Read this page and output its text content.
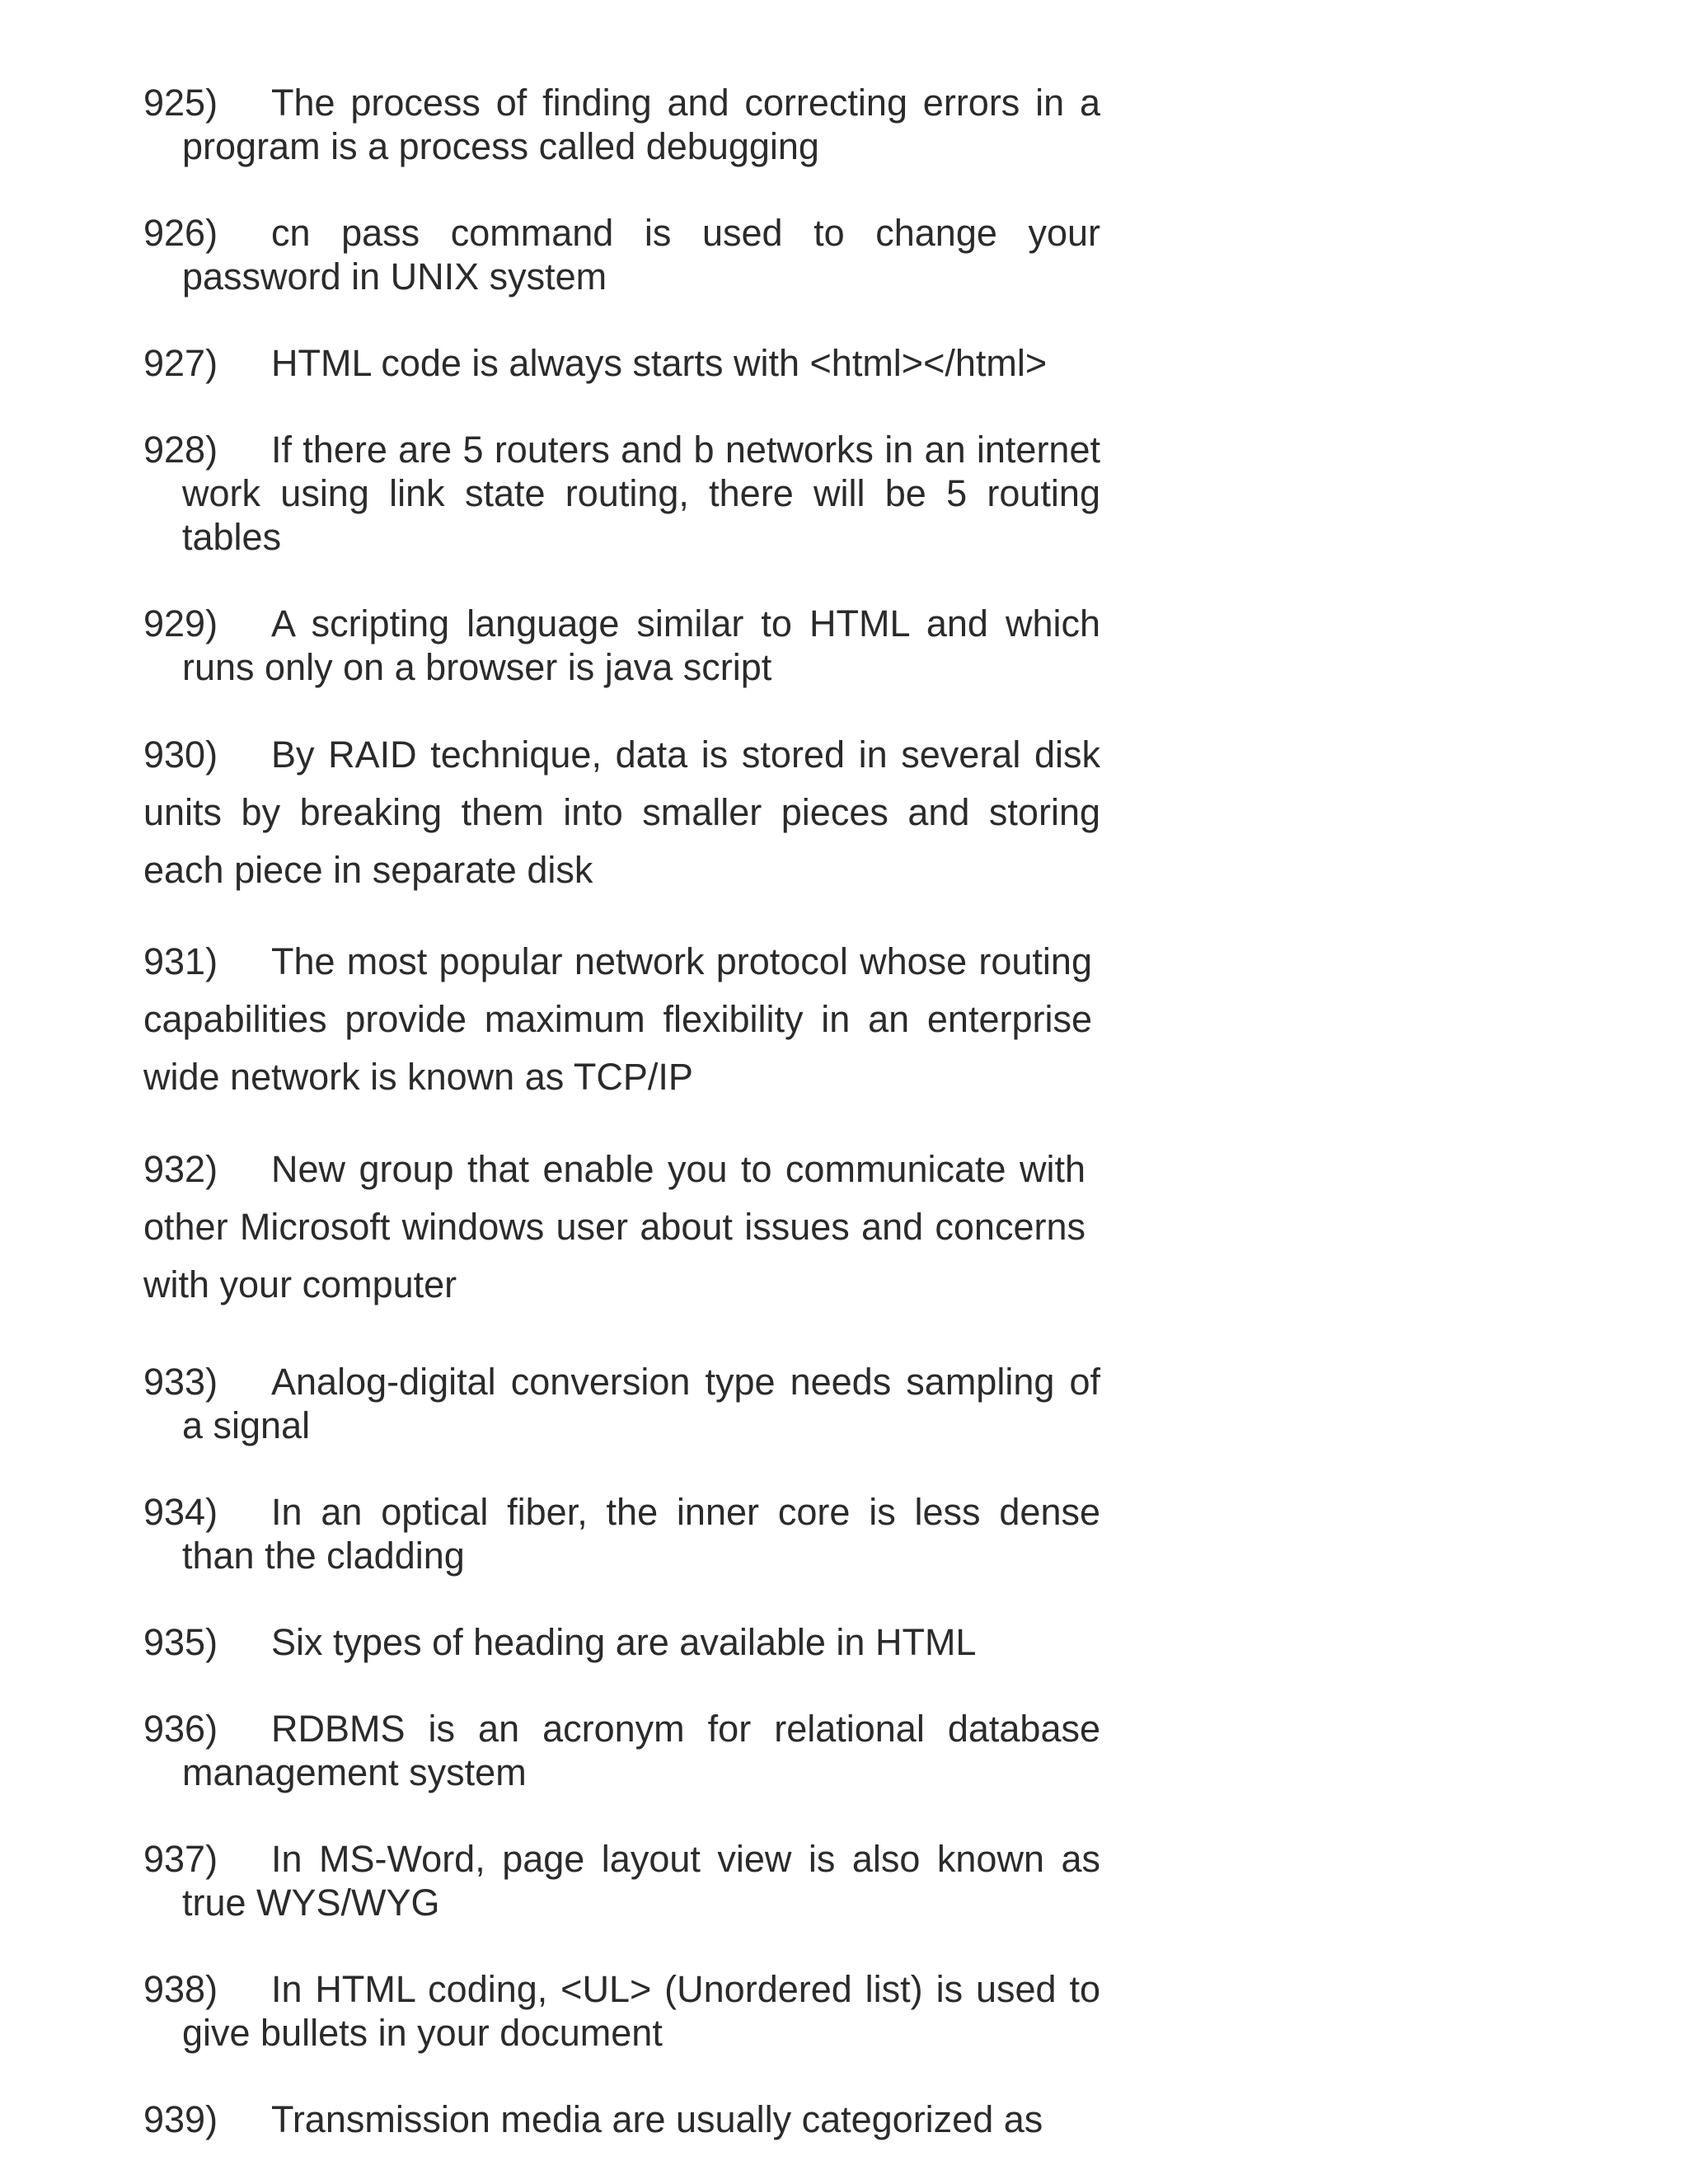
925) The process of finding and correcting errors in a program is a process called debugging
926) cn pass command is used to change your password in UNIX system
927) HTML code is always starts with <html></html>
928) If there are 5 routers and b networks in an internet work using link state routing, there will be 5 routing tables
929) A scripting language similar to HTML and which runs only on a browser is java script
930) By RAID technique, data is stored in several disk units by breaking them into smaller pieces and storing each piece in separate disk
931) The most popular network protocol whose routing capabilities provide maximum flexibility in an enterprise wide network is known as TCP/IP
932) New group that enable you to communicate with other Microsoft windows user about issues and concerns with your computer
933) Analog-digital conversion type needs sampling of a signal
934) In an optical fiber, the inner core is less dense than the cladding
935) Six types of heading are available in HTML
936) RDBMS is an acronym for relational database management system
937) In MS-Word, page layout view is also known as true WYS/WYG
938) In HTML coding, <UL> (Unordered list) is used to give bullets in your document
939) Transmission media are usually categorized as
